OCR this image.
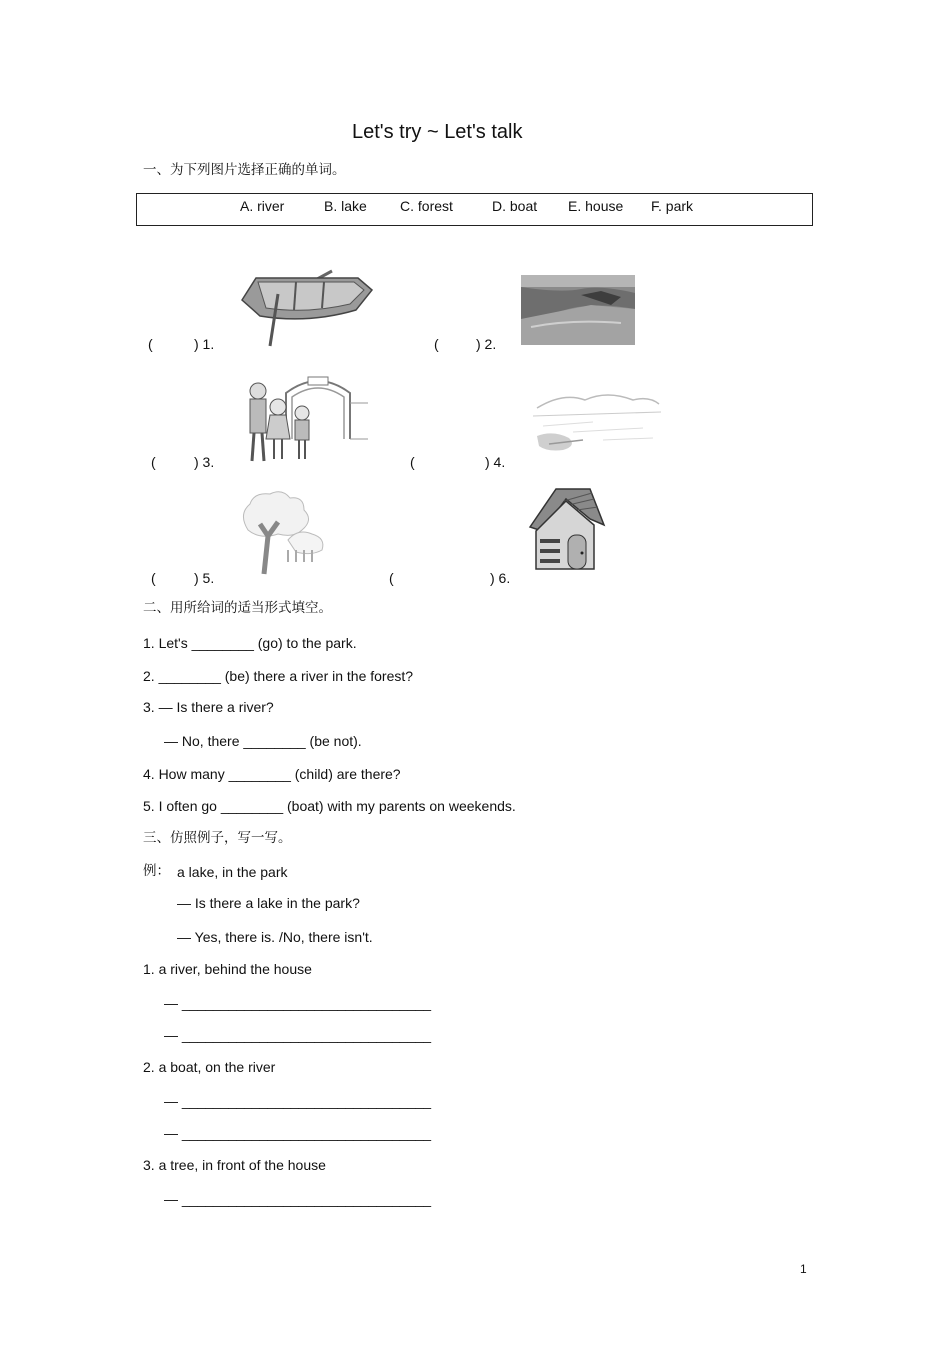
Let's try ~ Let's talk
一、为下列图片选择正确的单词。
A. river	B. lake C. forest	D. boat E. house F. park
(	) 1.	(	) 2.
(	) 3.	(	) 4.
(	) 5.	(	) 6.
二、用所给词的适当形式填空。
1. Let's ________ (go) to the park.
2. ________ (be) there a river in the forest?
3. — Is there a river?
— No, there ________ (be not).
4. How many ________ (child) are there?
5. I often go ________ (boat) with my parents on weekends.
三、仿照例子，写一写。
例： a lake, in the park
— Is there a lake in the park?
— Yes, there is. /No, there isn't.
1. a river, behind the house
— ________________________________
— ________________________________
2. a boat, on the river
— ________________________________
— ________________________________
3. a tree, in front of the house
— ________________________________
1
